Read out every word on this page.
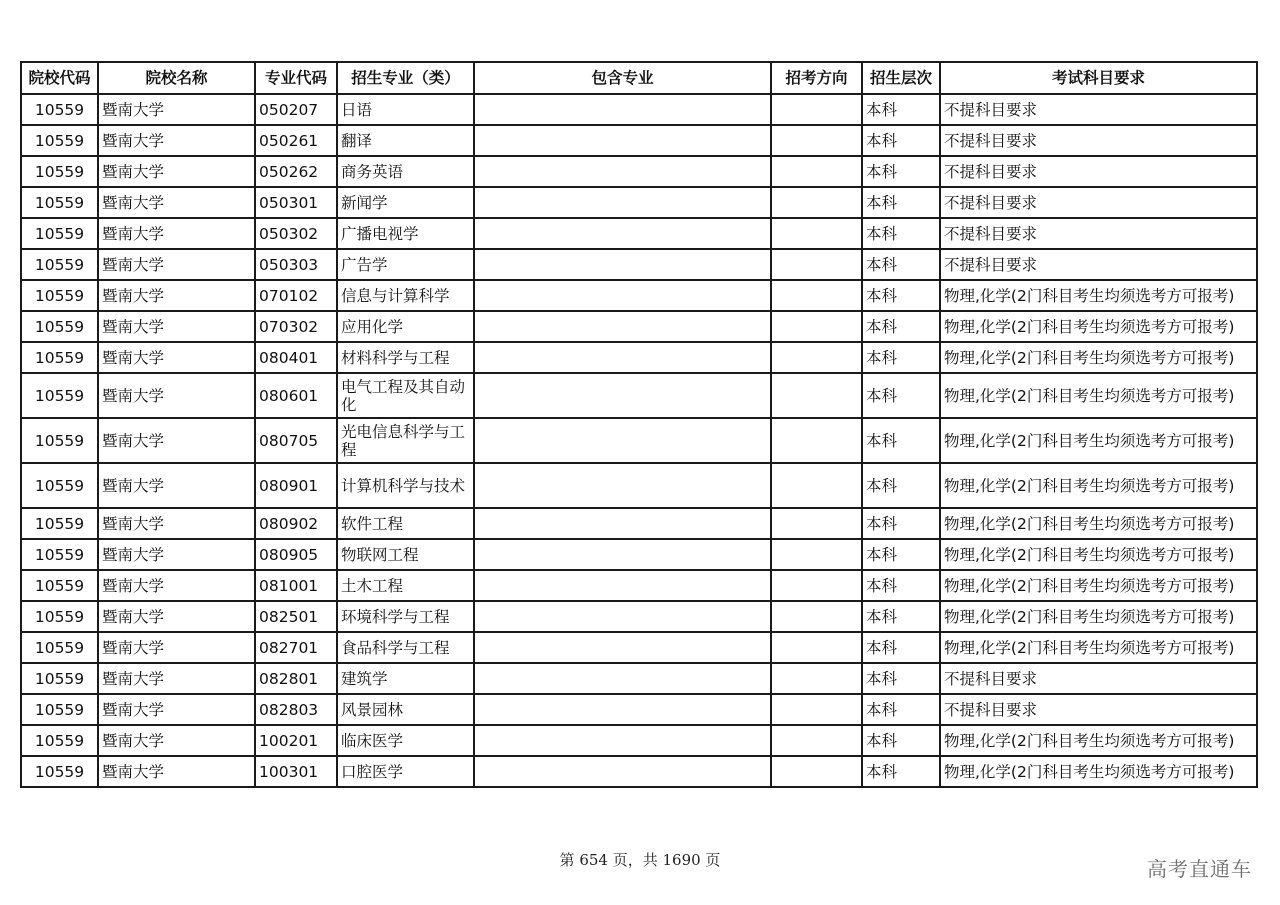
院校代码	院校名称	专业代码	招生专业（类）	包含专业	招考方向	招生层次	考试科目要求
10559	暨南大学	050207	日语			本科	不提科目要求
10559	暨南大学	050261	翻译			本科	不提科目要求
10559	暨南大学	050262	商务英语			本科	不提科目要求
10559	暨南大学	050301	新闻学			本科	不提科目要求
10559	暨南大学	050302	广播电视学			本科	不提科目要求
10559	暨南大学	050303	广告学			本科	不提科目要求
10559	暨南大学	070102	信息与计算科学			本科	物理,化学(2门科目考生均须选考方可报考)
10559	暨南大学	070302	应用化学			本科	物理,化学(2门科目考生均须选考方可报考)
10559	暨南大学	080401	材料科学与工程			本科	物理,化学(2门科目考生均须选考方可报考)
10559	暨南大学	080601	电气工程及其自动化			本科	物理,化学(2门科目考生均须选考方可报考)
10559	暨南大学	080705	光电信息科学与工程			本科	物理,化学(2门科目考生均须选考方可报考)
10559	暨南大学	080901	计算机科学与技术			本科	物理,化学(2门科目考生均须选考方可报考)
10559	暨南大学	080902	软件工程			本科	物理,化学(2门科目考生均须选考方可报考)
10559	暨南大学	080905	物联网工程			本科	物理,化学(2门科目考生均须选考方可报考)
10559	暨南大学	081001	土木工程			本科	物理,化学(2门科目考生均须选考方可报考)
10559	暨南大学	082501	环境科学与工程			本科	物理,化学(2门科目考生均须选考方可报考)
10559	暨南大学	082701	食品科学与工程			本科	物理,化学(2门科目考生均须选考方可报考)
10559	暨南大学	082801	建筑学			本科	不提科目要求
10559	暨南大学	082803	风景园林			本科	不提科目要求
10559	暨南大学	100201	临床医学			本科	物理,化学(2门科目考生均须选考方可报考)
10559	暨南大学	100301	口腔医学			本科	物理,化学(2门科目考生均须选考方可报考)
第 654 页，共 1690 页	高考直通车
